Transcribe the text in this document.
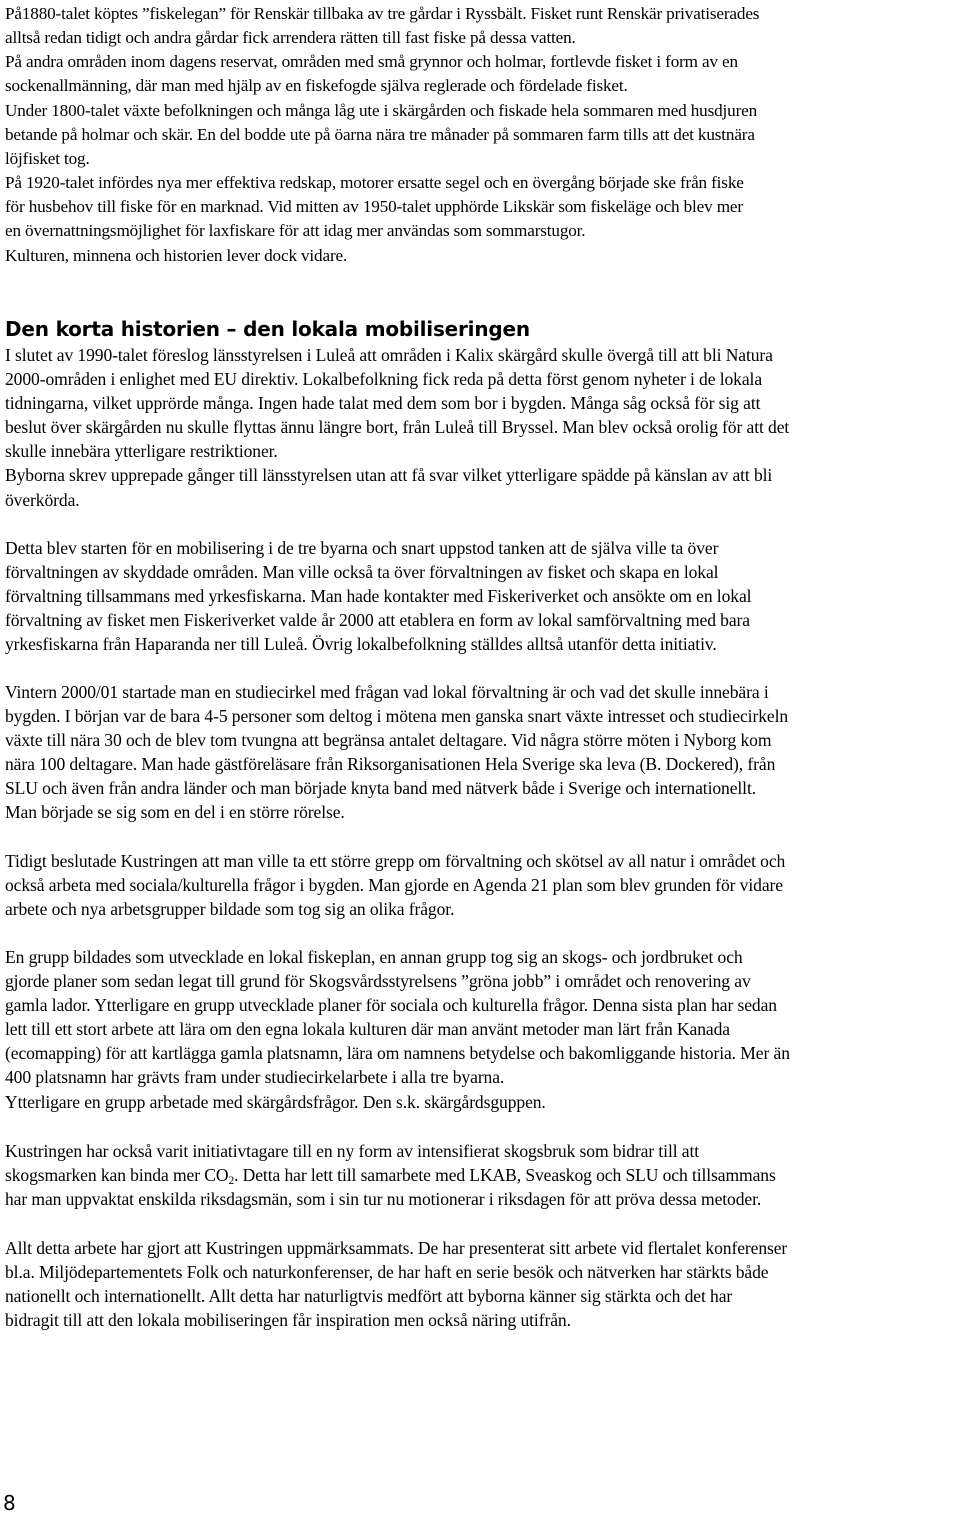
På1880-talet köptes ”fiskelegan” för Renskär tillbaka av tre gårdar i Ryssbält. Fisket runt Renskär privatiserades
alltså redan tidigt och andra gårdar fick arrendera rätten till fast fiske på dessa vatten.
På andra områden inom dagens reservat, områden med små grynnor och holmar, fortlevde fisket i form av en
sockenallmänning, där man med hjälp av en fiskefogde själva reglerade och fördelade fisket.
Under 1800-talet växte befolkningen och många låg ute i skärgården och fiskade hela sommaren med husdjuren
betande på holmar och skär. En del bodde ute på öarna nära tre månader på sommaren farm tills att det kustnära
löjfisket tog.
På 1920-talet infördes nya mer effektiva redskap, motorer ersatte segel och en övergång började ske från fiske
för husbehov till fiske för en marknad. Vid mitten av 1950-talet upphörde Likskär som fiskeläge och blev mer
en övernattningsmöjlighet för laxfiskare för att idag mer användas som sommarstugor.
Kulturen, minnena och historien lever dock vidare.
Den korta historien – den lokala mobiliseringen
I slutet av 1990-talet föreslog länsstyrelsen i Luleå att områden i Kalix skärgård skulle övergå till att bli Natura
2000-områden i enlighet med EU direktiv. Lokalbefolkning fick reda på detta först genom nyheter i de lokala
tidningarna, vilket upprörde många. Ingen hade talat med dem som bor i bygden. Många såg också för sig att
beslut över skärgården nu skulle flyttas ännu längre bort, från Luleå till Bryssel. Man blev också orolig för att det
skulle innebära ytterligare restriktioner.
Byborna skrev upprepade gånger till länsstyrelsen utan att få svar vilket ytterligare spädde på känslan av att bli
överkörda.
Detta blev starten för en mobilisering i de tre byarna och snart uppstod tanken att de själva ville ta över
förvaltningen av skyddade områden. Man ville också ta över förvaltningen av fisket och skapa en lokal
förvaltning tillsammans med yrkesfiskarna. Man hade kontakter med Fiskeriverket och ansökte om en lokal
förvaltning av fisket men Fiskeriverket valde år 2000 att etablera en form av lokal samförvaltning med bara
yrkesfiskarna från Haparanda ner till Luleå. Övrig lokalbefolkning ställdes alltså utanför detta initiativ.
Vintern 2000/01 startade man en studiecirkel med frågan vad lokal förvaltning är och vad det skulle innebära i
bygden. I början var de bara 4-5 personer som deltog i mötena men ganska snart växte intresset och studiecirkeln
växte till nära 30 och de blev tom tvungna att begränsa antalet deltagare. Vid några större möten i Nyborg kom
nära 100 deltagare. Man hade gästföreläsare från Riksorganisationen Hela Sverige ska leva (B. Dockered), från
SLU och även från andra länder och man började knyta band med nätverk både i Sverige och internationellt.
Man började se sig som en del i en större rörelse.
Tidigt beslutade Kustringen att man ville ta ett större grepp om förvaltning och skötsel av all natur i området och
också arbeta med sociala/kulturella frågor i bygden. Man gjorde en Agenda 21 plan som blev grunden för vidare
arbete och nya arbetsgrupper bildade som tog sig an olika frågor.
En grupp bildades som utvecklade en lokal fiskeplan, en annan grupp tog sig an skogs- och jordbruket och
gjorde planer som sedan legat till grund för Skogsvårdsstyrelsens ”gröna jobb” i området och renovering av
gamla lador. Ytterligare en grupp utvecklade planer för sociala och kulturella frågor. Denna sista plan har sedan
lett till ett stort arbete att lära om den egna lokala kulturen där man använt metoder man lärt från Kanada
(ecomapping) för att kartlägga gamla platsnamn, lära om namnens betydelse och bakomliggande historia. Mer än
400 platsnamn har grävts fram under studiecirkelarbete i alla tre byarna.
Ytterligare en grupp arbetade med skärgårdsfrågor. Den s.k. skärgårdsguppen.
Kustringen har också varit initiativtagare till en ny form av intensifierat skogsbruk som bidrar till att
skogsmarken kan binda mer $CO_2$. Detta har lett till samarbete med LKAB, Sveaskog och SLU och tillsammans
har man uppvaktat enskilda riksdagsmän, som i sin tur nu motionerar i riksdagen för att pröva dessa metoder.
Allt detta arbete har gjort att Kustringen uppmärksammats. De har presenterat sitt arbete vid flertalet konferenser
bl.a. Miljödepartementets Folk och naturkonferenser, de har haft en serie besök och nätverken har stärkts både
nationellt och internationellt. Allt detta har naturligtvis medfört att byborna känner sig stärkta och det har
bidragit till att den lokala mobiliseringen får inspiration men också näring utifrån.
8
